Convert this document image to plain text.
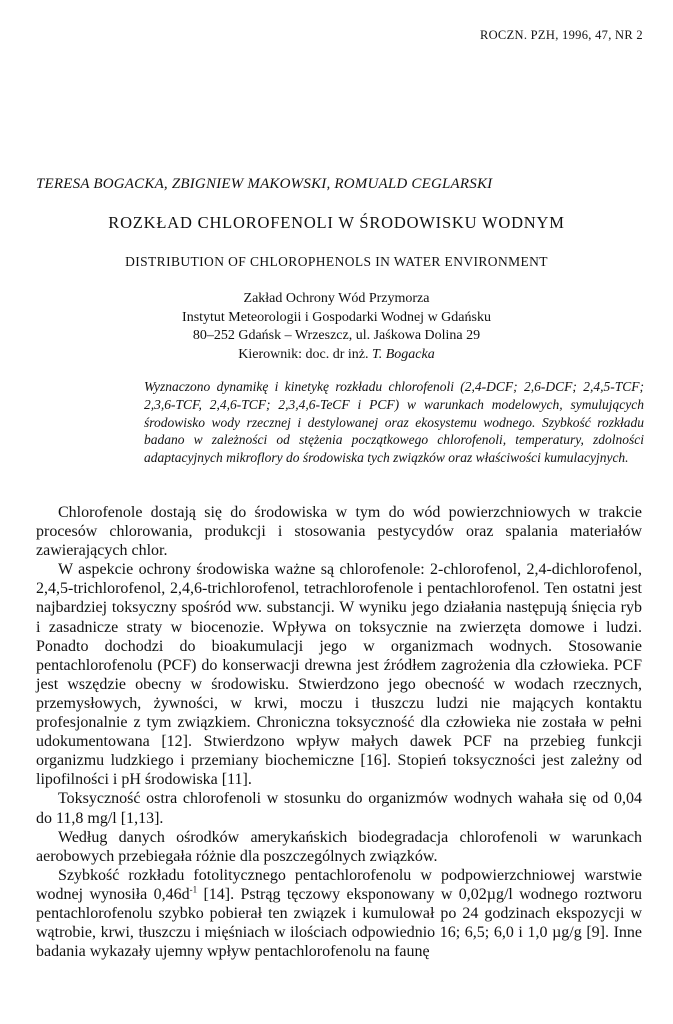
ROCZN. PZH, 1996, 47, NR 2
TERESA BOGACKA, ZBIGNIEW MAKOWSKI, ROMUALD CEGLARSKI
ROZKŁAD CHLOROFENOLI W ŚRODOWISKU WODNYM
DISTRIBUTION OF CHLOROPHENOLS IN WATER ENVIRONMENT
Zakład Ochrony Wód Przymorza
Instytut Meteorologii i Gospodarki Wodnej w Gdańsku
80–252 Gdańsk – Wrzeszcz, ul. Jaśkowa Dolina 29
Kierownik: doc. dr inż. T. Bogacka
Wyznaczono dynamikę i kinetykę rozkładu chlorofenoli (2,4-DCF; 2,6-DCF; 2,4,5-TCF; 2,3,6-TCF, 2,4,6-TCF; 2,3,4,6-TeCF i PCF) w warunkach modelowych, symulujących środowisko wody rzecznej i destylowanej oraz ekosystemu wodnego. Szybkość rozkładu badano w zależności od stężenia początkowego chlorofenoli, temperatury, zdolności adaptacyjnych mikroflory do środowiska tych związków oraz właściwości kumulacyjnych.

Chlorofenole dostają się do środowiska w tym do wód powierzchniowych w trakcie procesów chlorowania, produkcji i stosowania pestycydów oraz spalania materiałów zawierających chlor.

W aspekcie ochrony środowiska ważne są chlorofenole: 2-chlorofenol, 2,4-dichlorofenol, 2,4,5-trichlorofenol, 2,4,6-trichlorofenol, tetrachlorofenole i pentachlorofenol. Ten ostatni jest najbardziej toksyczny spośród ww. substancji. W wyniku jego działania następują śnięcia ryb i zasadnicze straty w biocenozie. Wpływa on toksycznie na zwierzęta domowe i ludzi. Ponadto dochodzi do bioakumulacji jego w organizmach wodnych. Stosowanie pentachlorofenolu (PCF) do konserwacji drewna jest źródłem zagrożenia dla człowieka. PCF jest wszędzie obecny w środowisku. Stwierdzono jego obecność w wodach rzecznych, przemysłowych, żywności, w krwi, moczu i tłuszczu ludzi nie mających kontaktu profesjonalnie z tym związkiem. Chroniczna toksyczność dla człowieka nie została w pełni udokumentowana [12]. Stwierdzono wpływ małych dawek PCF na przebieg funkcji organizmu ludzkiego i przemiany biochemiczne [16]. Stopień toksyczności jest zależny od lipofilności i pH środowiska [11].

Toksyczność ostra chlorofenoli w stosunku do organizmów wodnych wahała się od 0,04 do 11,8 mg/l [1,13].

Według danych ośrodków amerykańskich biodegradacja chlorofenoli w warunkach aerobowych przebiegała różnie dla poszczególnych związków.

Szybkość rozkładu fotolitycznego pentachlorofenolu w podpowierzchniowej warstwie wodnej wynosiła $0,46d^{-1}$ [14]. Pstrąg tęczowy eksponowany w 0,02µg/l wodnego roztworu pentachlorofenolu szybko pobierał ten związek i kumulował po 24 godzinach ekspozycji w wątrobie, krwi, tłuszczu i mięśniach w ilościach odpowiednio 16; 6,5; 6,0 i 1,0 µg/g [9]. Inne badania wykazały ujemny wpływ pentachlorofenolu na faunę
